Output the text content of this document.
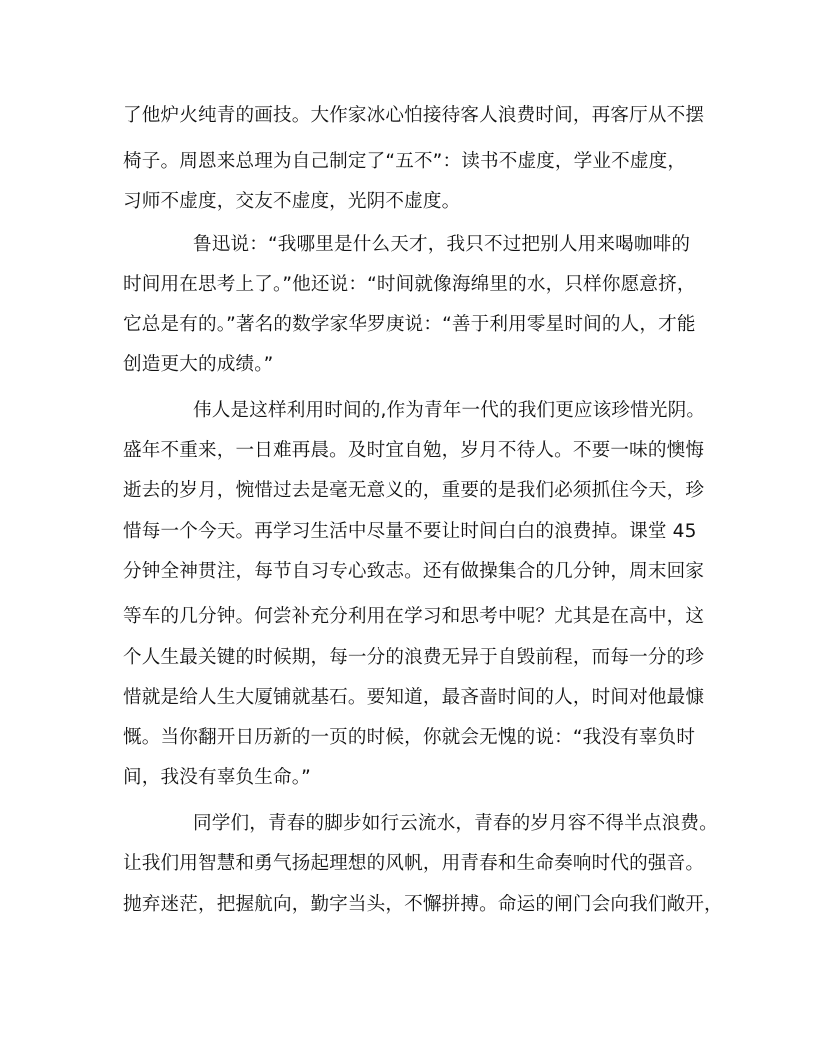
了他炉火纯青的画技。大作家冰心怕接待客人浪费时间，再客厅从不摆
椅子。周恩来总理为自己制定了“五不”：读书不虚度，学业不虚度，
习师不虚度，交友不虚度，光阴不虚度。
鲁迅说：“我哪里是什么天才，我只不过把别人用来喝咖啡的
时间用在思考上了。”他还说：“时间就像海绵里的水，只样你愿意挤，
它总是有的。”著名的数学家华罗庚说：“善于利用零星时间的人，才能
创造更大的成绩。”
伟人是这样利用时间的,作为青年一代的我们更应该珍惜光阴。
盛年不重来，一日难再晨。及时宜自勉，岁月不待人。不要一味的懊悔
逝去的岁月，惋惜过去是毫无意义的，重要的是我们必须抓住今天，珍
惜每一个今天。再学习生活中尽量不要让时间白白的浪费掉。课堂 45
分钟全神贯注，每节自习专心致志。还有做操集合的几分钟，周末回家
等车的几分钟。何尝补充分利用在学习和思考中呢？尤其是在高中，这
个人生最关键的时候期，每一分的浪费无异于自毁前程，而每一分的珍
惜就是给人生大厦铺就基石。要知道，最吝啬时间的人，时间对他最慷
慨。当你翻开日历新的一页的时候，你就会无愧的说：“我没有辜负时
间，我没有辜负生命。”
同学们，青春的脚步如行云流水，青春的岁月容不得半点浪费。
让我们用智慧和勇气扬起理想的风帆，用青春和生命奏响时代的强音。
抛弃迷茫，把握航向，勤字当头，不懈拼搏。命运的闸门会向我们敞开，
